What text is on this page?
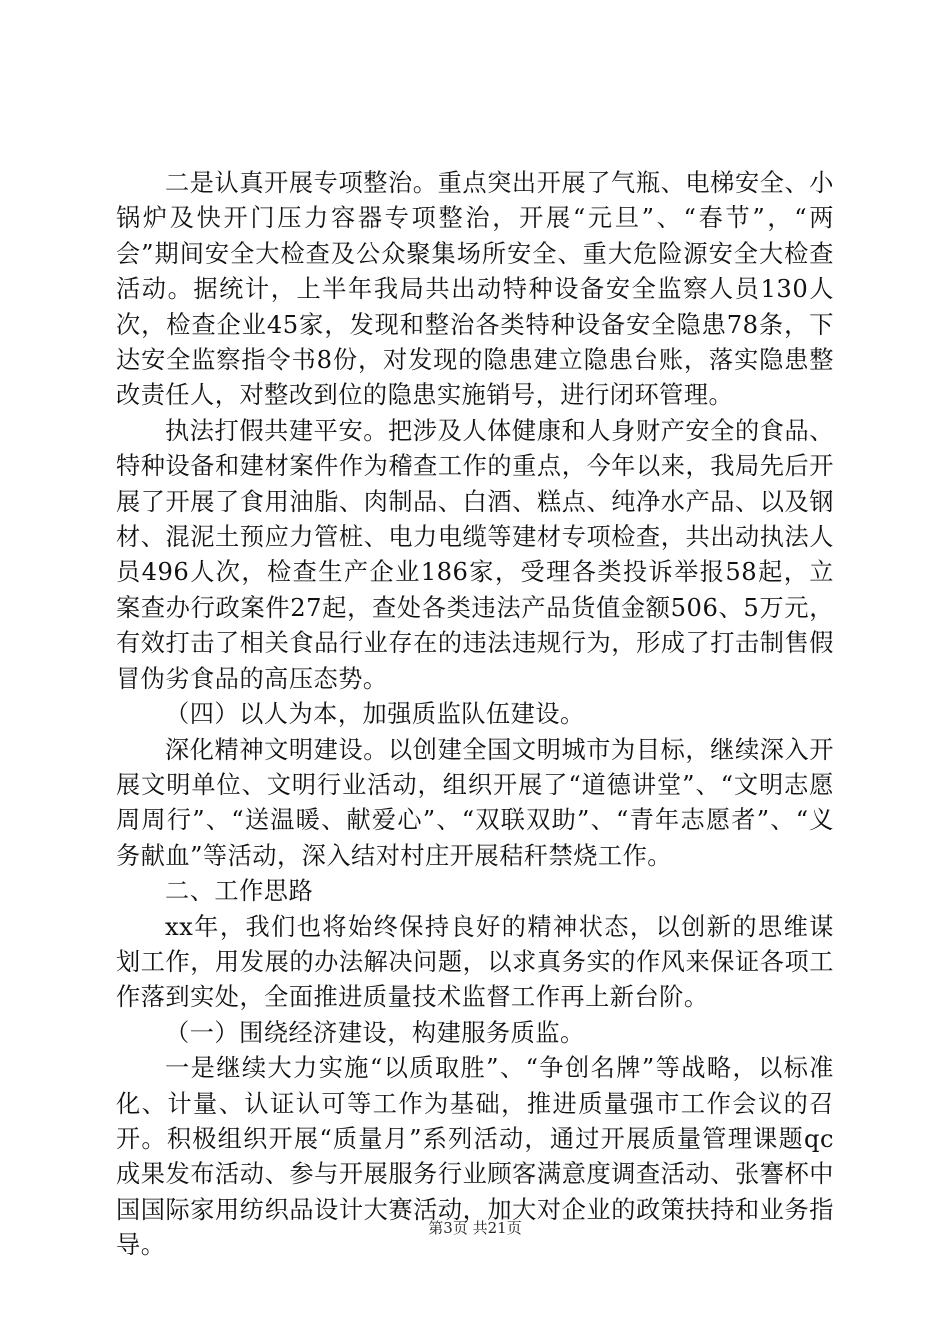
二是认真开展专项整治。重点突出开展了气瓶、电梯安全、小锅炉及快开门压力容器专项整治，开展“元旦”、“春节”，“两会”期间安全大检查及公众聚集场所安全、重大危险源安全大检查活动。据统计，上半年我局共出动特种设备安全监察人员130人次，检查企业45家，发现和整治各类特种设备安全隐患78条，下达安全监察指令书8份，对发现的隐患建立隐患台账，落实隐患整改责任人，对整改到位的隐患实施销号，进行闭环管理。

执法打假共建平安。把涉及人体健康和人身财产安全的食品、特种设备和建材案件作为稽查工作的重点，今年以来，我局先后开展了开展了食用油脂、肉制品、白酒、糕点、纯净水产品、以及钢材、混泥土预应力管桩、电力电缆等建材专项检查，共出动执法人员496人次，检查生产企业186家，受理各类投诉举报58起，立案查办行政案件27起，查处各类违法产品货值金额506、5万元，有效打击了相关食品行业存在的违法违规行为，形成了打击制售假冒伪劣食品的高压态势。

（四）以人为本，加强质监队伍建设。

深化精神文明建设。以创建全国文明城市为目标，继续深入开展文明单位、文明行业活动，组织开展了“道德讲堂”、“文明志愿周周行”、“送温暖、献爱心”、“双联双助”、“青年志愿者”、“义务献血”等活动，深入结对村庄开展秸秆禁烧工作。

二、工作思路

xx年，我们也将始终保持良好的精神状态，以创新的思维谋划工作，用发展的办法解决问题，以求真务实的作风来保证各项工作落到实处，全面推进质量技术监督工作再上新台阶。

（一）围绕经济建设，构建服务质监。

一是继续大力实施“以质取胜”、“争创名牌”等战略，以标准化、计量、认证认可等工作为基础，推进质量强市工作会议的召开。积极组织开展“质量月”系列活动，通过开展质量管理课题qc成果发布活动、参与开展服务行业顾客满意度调查活动、张謇杯中国国际家用纺织品设计大赛活动，加大对企业的政策扶持和业务指导。

第3页 共21页
